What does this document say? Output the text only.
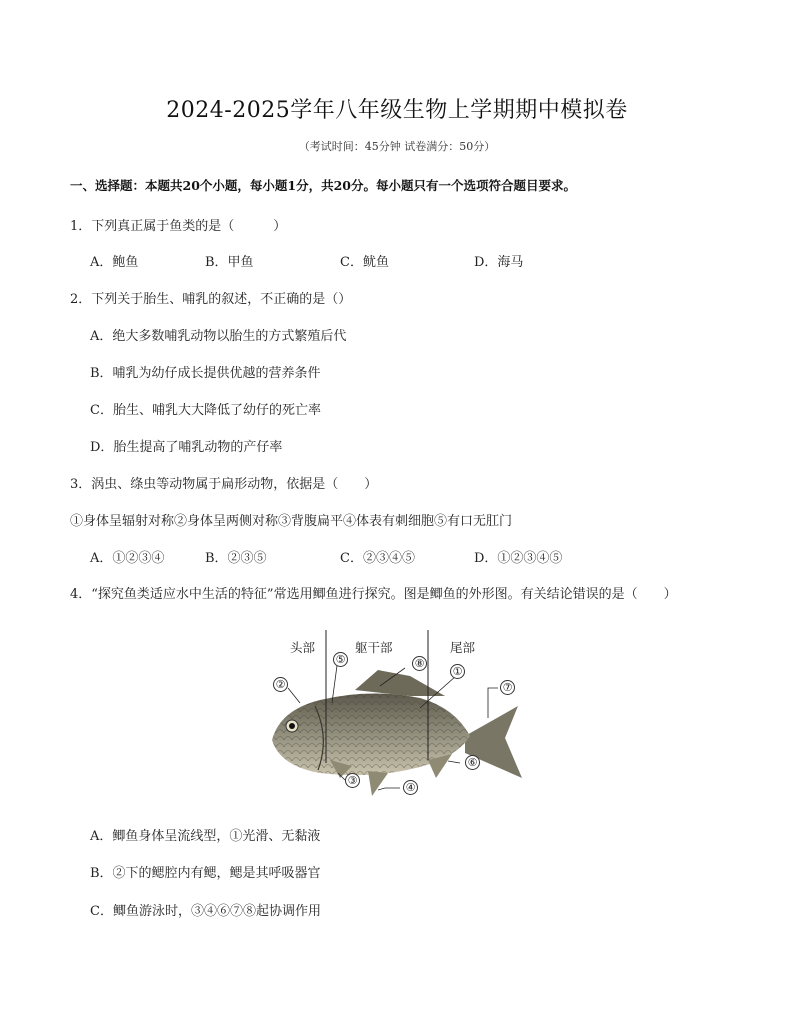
2024-2025学年八年级生物上学期期中模拟卷
（考试时间：45分钟 试卷满分：50分）
一、选择题：本题共20个小题，每小题1分，共20分。每小题只有一个选项符合题目要求。
1．下列真正属于鱼类的是（　　　）
A．鲍鱼	B．甲鱼	C．鱿鱼	D．海马
2．下列关于胎生、哺乳的叙述，不正确的是（）
A．绝大多数哺乳动物以胎生的方式繁殖后代
B．哺乳为幼仔成长提供优越的营养条件
C．胎生、哺乳大大降低了幼仔的死亡率
D．胎生提高了哺乳动物的产仔率
3．涡虫、绦虫等动物属于扁形动物，依据是（　　）
①身体呈辐射对称②身体呈两侧对称③背腹扁平④体表有刺细胞⑤有口无肛门
A．①②③④	B．②③⑤	C．②③④⑤	D．①②③④⑤
4．“探究鱼类适应水中生活的特征”常选用鲫鱼进行探究。图是鲫鱼的外形图。有关结论错误的是（　　）
头部	躯干部	尾部
⑤	⑧
①
②	⑦
⑥
③
④
A．鲫鱼身体呈流线型，①光滑、无黏液
B．②下的鳃腔内有鳃，鳃是其呼吸器官
C．鲫鱼游泳时，③④⑥⑦⑧起协调作用
